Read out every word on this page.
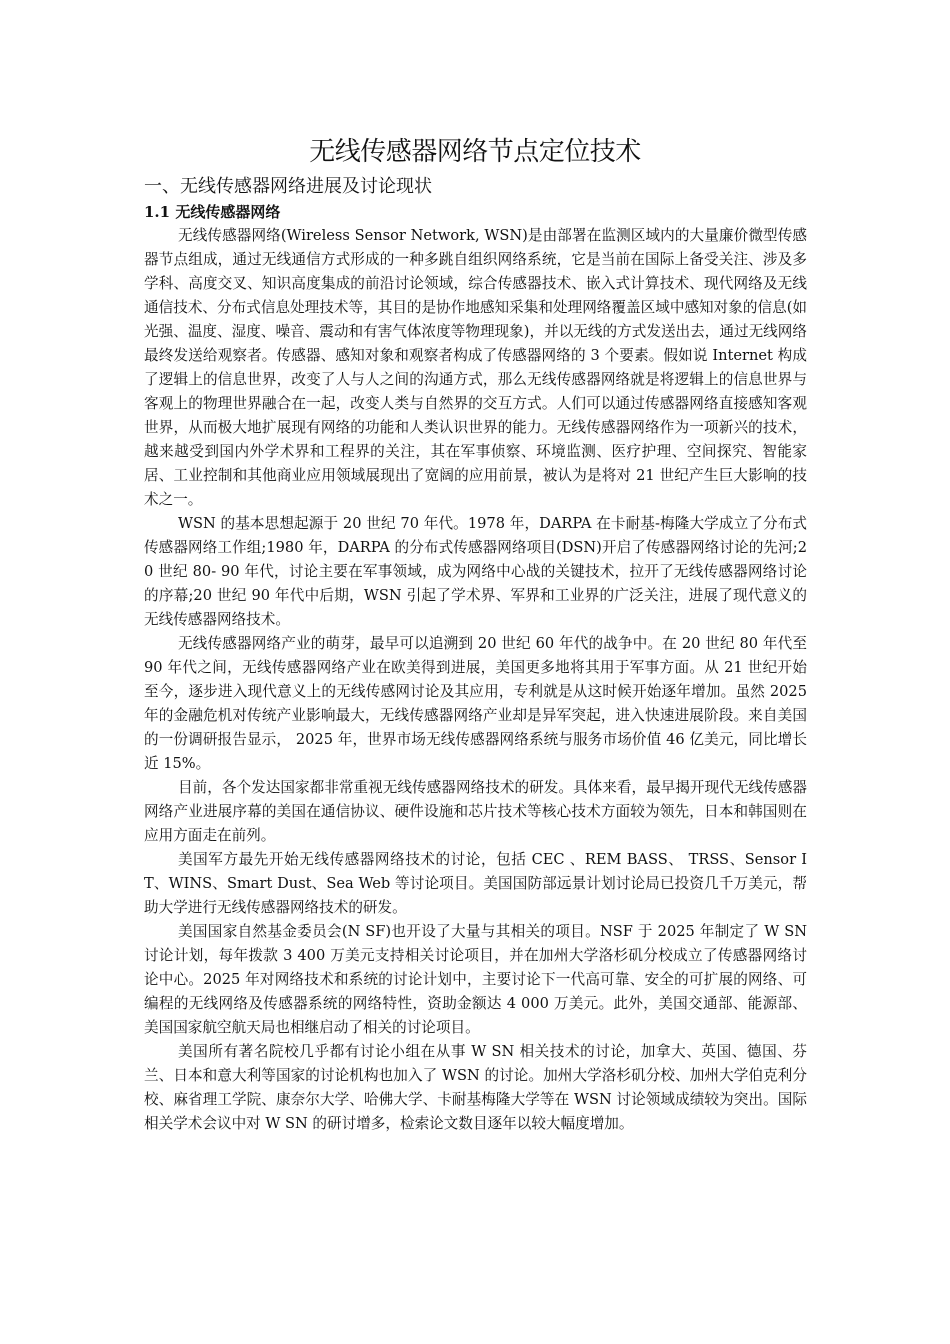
无线传感器网络节点定位技术
一、无线传感器网络进展及讨论现状
1.1 无线传感器网络

无线传感器网络(Wireless Sensor Network, WSN)是由部署在监测区域内的大量廉价微型传感器节点组成，通过无线通信方式形成的一种多跳自组织网络系统，它是当前在国际上备受关注、涉及多学科、高度交叉、知识高度集成的前沿讨论领域，综合传感器技术、嵌入式计算技术、现代网络及无线通信技术、分布式信息处理技术等，其目的是协作地感知采集和处理网络覆盖区域中感知对象的信息(如光强、温度、湿度、噪音、震动和有害气体浓度等物理现象)，并以无线的方式发送出去，通过无线网络最终发送给观察者。传感器、感知对象和观察者构成了传感器网络的 3 个要素。假如说 Internet 构成了逻辑上的信息世界，改变了人与人之间的沟通方式，那么无线传感器网络就是将逻辑上的信息世界与客观上的物理世界融合在一起，改变人类与自然界的交互方式。人们可以通过传感器网络直接感知客观世界，从而极大地扩展现有网络的功能和人类认识世界的能力。无线传感器网络作为一项新兴的技术，越来越受到国内外学术界和工程界的关注，其在军事侦察、环境监测、医疗护理、空间探究、智能家居、工业控制和其他商业应用领域展现出了宽阔的应用前景，被认为是将对 21 世纪产生巨大影响的技术之一。

WSN 的基本思想起源于 20 世纪 70 年代。1978 年，DARPA 在卡耐基-梅隆大学成立了分布式传感器网络工作组;1980 年，DARPA 的分布式传感器网络项目(DSN)开启了传感器网络讨论的先河;20 世纪 80- 90 年代，讨论主要在军事领域，成为网络中心战的关键技术，拉开了无线传感器网络讨论的序幕;20 世纪 90 年代中后期，WSN 引起了学术界、军界和工业界的广泛关注，进展了现代意义的无线传感器网络技术。

无线传感器网络产业的萌芽，最早可以追溯到 20 世纪 60 年代的战争中。在 20 世纪 80 年代至 90 年代之间，无线传感器网络产业在欧美得到进展，美国更多地将其用于军事方面。从 21 世纪开始至今，逐步进入现代意义上的无线传感网讨论及其应用，专利就是从这时候开始逐年增加。虽然 2025 年的金融危机对传统产业影响最大，无线传感器网络产业却是异军突起，进入快速进展阶段。来自美国的一份调研报告显示， 2025 年，世界市场无线传感器网络系统与服务市场价值 46 亿美元，同比增长近 15%。

目前，各个发达国家都非常重视无线传感器网络技术的研发。具体来看，最早揭开现代无线传感器网络产业进展序幕的美国在通信协议、硬件设施和芯片技术等核心技术方面较为领先，日本和韩国则在应用方面走在前列。

美国军方最先开始无线传感器网络技术的讨论，包括 CEC 、REM BASS、 TRSS、Sensor IT、WINS、Smart Dust、Sea Web 等讨论项目。美国国防部远景计划讨论局已投资几千万美元，帮助大学进行无线传感器网络技术的研发。

美国国家自然基金委员会(N SF)也开设了大量与其相关的项目。NSF 于 2025 年制定了 W SN 讨论计划，每年拨款 3 400 万美元支持相关讨论项目，并在加州大学洛杉矶分校成立了传感器网络讨论中心。2025 年对网络技术和系统的讨论计划中，主要讨论下一代高可靠、安全的可扩展的网络、可编程的无线网络及传感器系统的网络特性，资助金额达 4 000 万美元。此外，美国交通部、能源部、美国国家航空航天局也相继启动了相关的讨论项目。

美国所有著名院校几乎都有讨论小组在从事 W SN 相关技术的讨论，加拿大、英国、德国、芬兰、日本和意大利等国家的讨论机构也加入了 WSN 的讨论。加州大学洛杉矶分校、加州大学伯克利分校、麻省理工学院、康奈尔大学、哈佛大学、卡耐基梅隆大学等在 WSN 讨论领域成绩较为突出。国际相关学术会议中对 W SN 的研讨增多，检索论文数目逐年以较大幅度增加。
